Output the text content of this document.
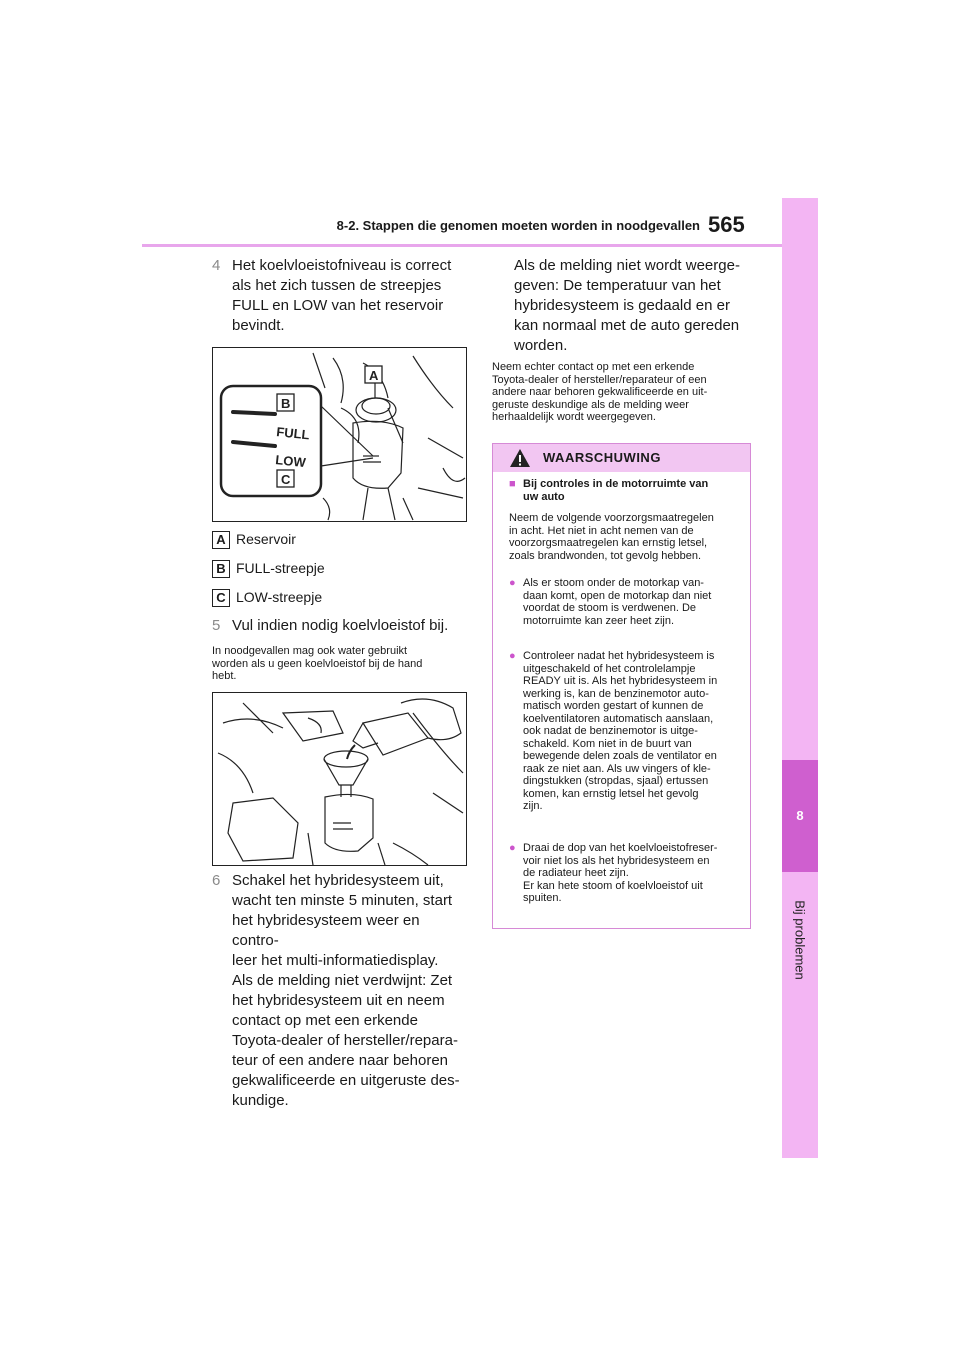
8-2. Stappen die genomen moeten worden in noodgevallen 565
8
Bij problemen
4 Het koelvloeistofniveau is correct
als het zich tussen de streepjes
FULL en LOW van het reservoir
bevindt.
FULL
LOW
A
B
C
A Reservoir
B FULL-streepje
C LOW-streepje
5 Vul indien nodig koelvloeistof bij.
In noodgevallen mag ook water gebruikt
worden als u geen koelvloeistof bij de hand
hebt.
6 Schakel het hybridesysteem uit,
wacht ten minste 5 minuten, start
het hybridesysteem weer en contro-
leer het multi-informatiedisplay.
Als de melding niet verdwijnt: Zet
het hybridesysteem uit en neem
contact op met een erkende
Toyota-dealer of hersteller/repara-
teur of een andere naar behoren
gekwalificeerde en uitgeruste des-
kundige.
Als de melding niet wordt weerge-
geven: De temperatuur van het
hybridesysteem is gedaald en er
kan normaal met de auto gereden
worden.
Neem echter contact op met een erkende
Toyota-dealer of hersteller/reparateur of een
andere naar behoren gekwalificeerde en uit-
geruste deskundige als de melding weer
herhaaldelijk wordt weergegeven.
WAARSCHUWING
■ Bij controles in de motorruimte van
uw auto
Neem de volgende voorzorgsmaatregelen
in acht. Het niet in acht nemen van de
voorzorgsmaatregelen kan ernstig letsel,
zoals brandwonden, tot gevolg hebben.
● Als er stoom onder de motorkap van-
daan komt, open de motorkap dan niet
voordat de stoom is verdwenen. De
motorruimte kan zeer heet zijn.
● Controleer nadat het hybridesysteem is
uitgeschakeld of het controlelampje
READY uit is. Als het hybridesysteem in
werking is, kan de benzinemotor auto-
matisch worden gestart of kunnen de
koelventilatoren automatisch aanslaan,
ook nadat de benzinemotor is uitge-
schakeld. Kom niet in de buurt van
bewegende delen zoals de ventilator en
raak ze niet aan. Als uw vingers of kle-
dingstukken (stropdas, sjaal) ertussen
komen, kan ernstig letsel het gevolg
zijn.
● Draai de dop van het koelvloeistofreser-
voir niet los als het hybridesysteem en
de radiateur heet zijn.
Er kan hete stoom of koelvloeistof uit
spuiten.
